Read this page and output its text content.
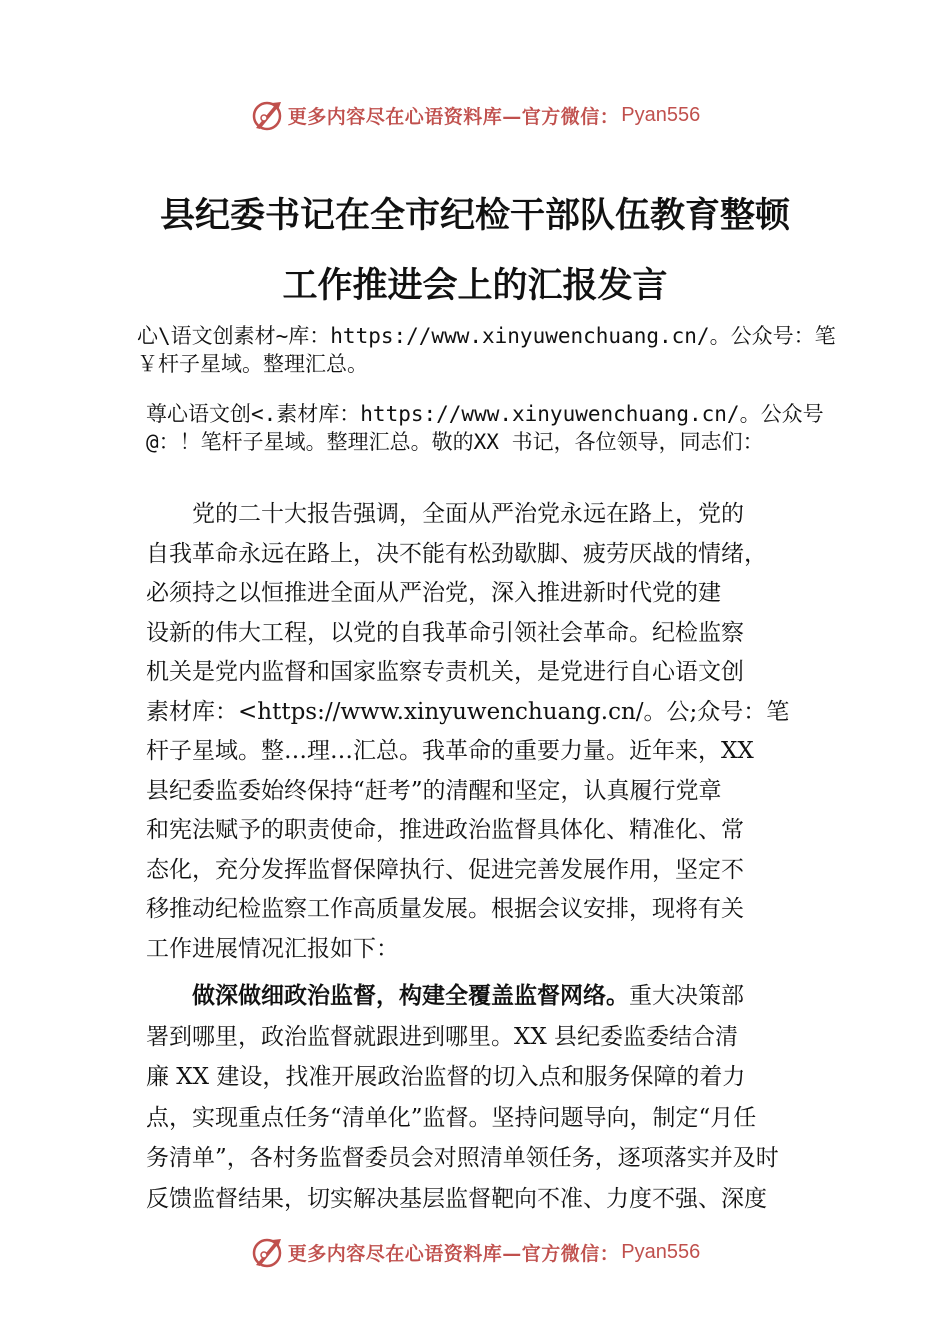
更多内容尽在心语资料库—官方微信： Pyan556
县纪委书记在全市纪检干部队伍教育整顿
工作推进会上的汇报发言
心\语文创素材~库：https://www.xinyuwenchuang.cn/。公众号：笔￥杆子星域。整理汇总。
尊心语文创<.素材库：https://www.xinyuwenchuang.cn/。公众号@：！笔杆子星域。整理汇总。敬的XX 书记，各位领导，同志们：
　　党的二十大报告强调，全面从严治党永远在路上，党的
自我革命永远在路上，决不能有松劲歇脚、疲劳厌战的情绪，
必须持之以恒推进全面从严治党，深入推进新时代党的建
设新的伟大工程，以党的自我革命引领社会革命。纪检监察
机关是党内监督和国家监察专责机关，是党进行自心语文创
素材库：<https://www.xinyuwenchuang.cn/。公;众号：笔
杆子星域。整…理…汇总。我革命的重要力量。近年来，XX
县纪委监委始终保持“赶考”的清醒和坚定，认真履行党章
和宪法赋予的职责使命，推进政治监督具体化、精准化、常
态化，充分发挥监督保障执行、促进完善发展作用，坚定不
移推动纪检监察工作高质量发展。根据会议安排，现将有关
工作进展情况汇报如下：
　　做深做细政治监督，构建全覆盖监督网络。重大决策部
署到哪里，政治监督就跟进到哪里。XX 县纪委监委结合清
廉 XX 建设，找准开展政治监督的切入点和服务保障的着力
点，实现重点任务“清单化”监督。坚持问题导向，制定“月任
务清单”，各村务监督委员会对照清单领任务，逐项落实并及时
反馈监督结果，切实解决基层监督靶向不准、力度不强、深度
更多内容尽在心语资料库—官方微信： Pyan556
